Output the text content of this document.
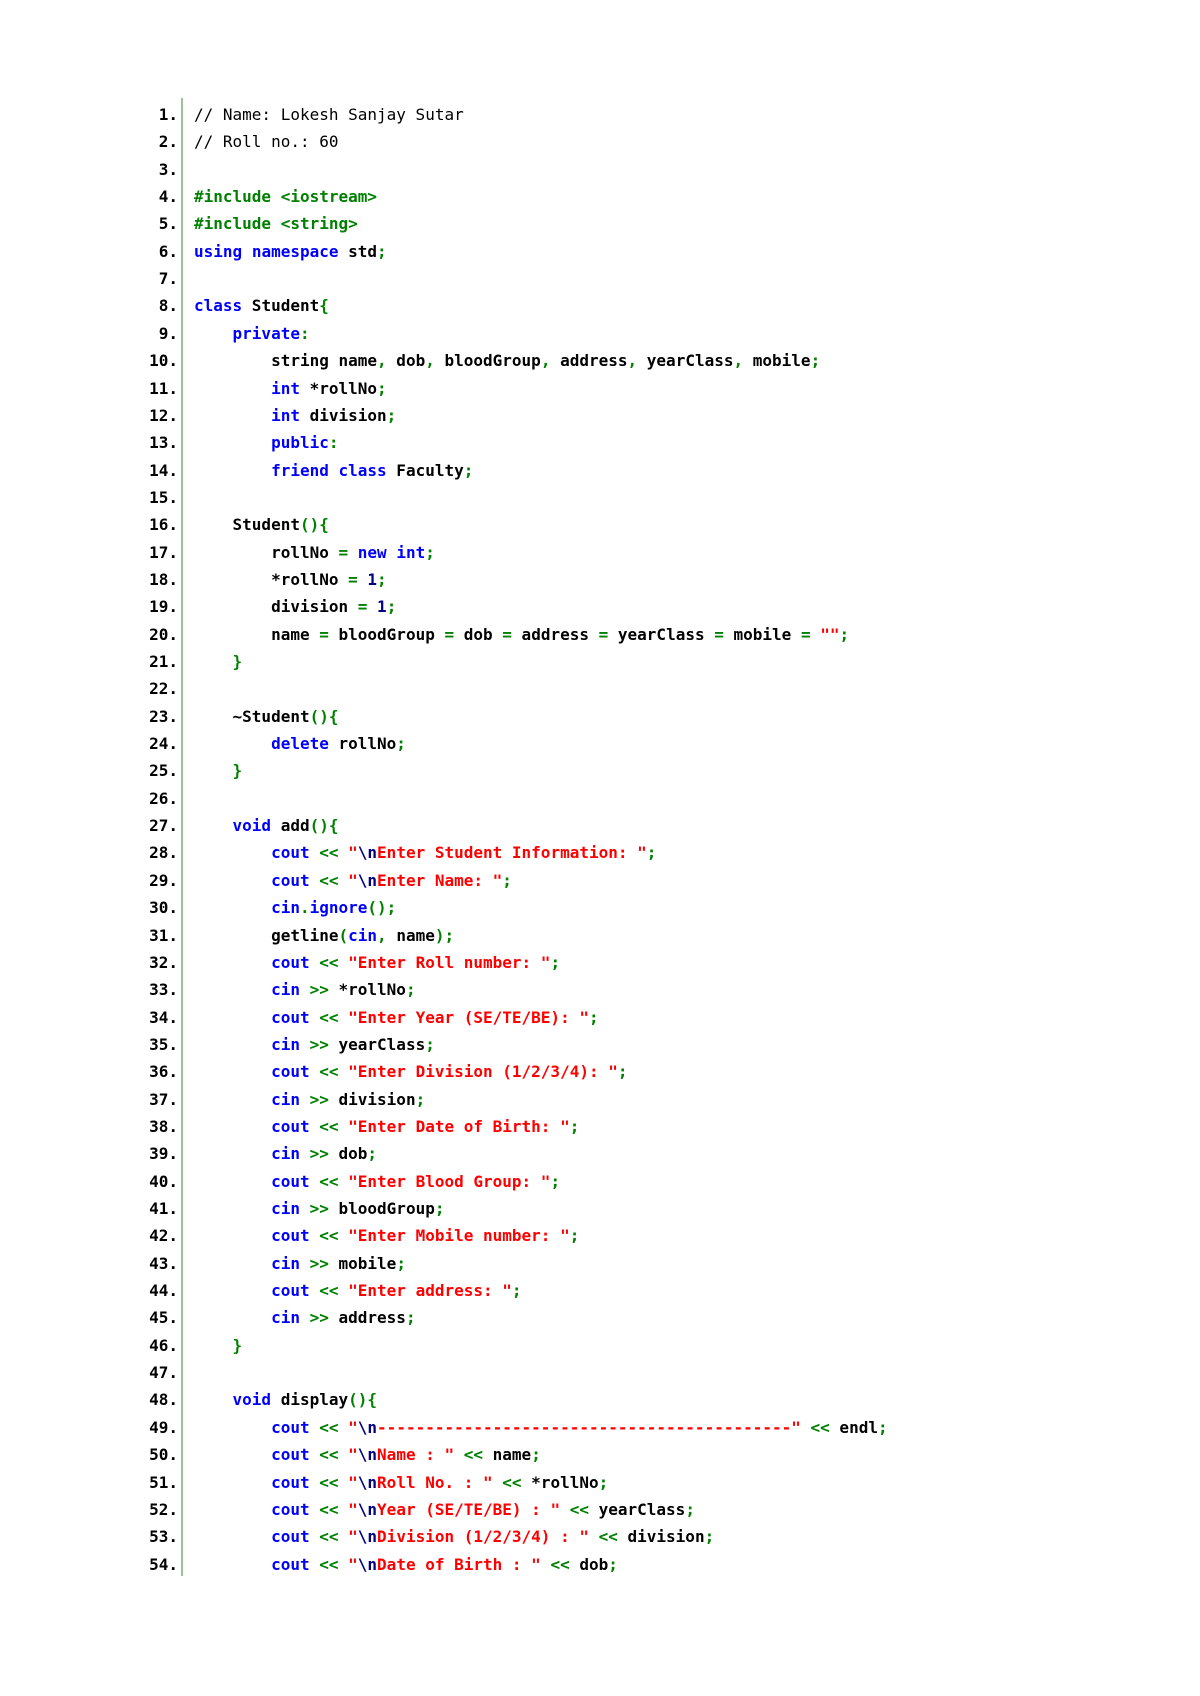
1. // Name: Lokesh Sanjay Sutar
2. // Roll no.: 60
3.
4. #include <iostream>
5. #include <string>
6. using namespace std;
7.
8. class Student{
9.	private:
10. string name, dob, bloodGroup, address, yearClass, mobile;
11.	int *rollNo;
12.	int division;
13.	public:
14.	friend class Faculty;
15.
16. Student(){
17. rollNo = new int;
18. *rollNo = 1;
19. division = 1;
20. name = bloodGroup = dob = address = yearClass = mobile = "";
21.	}
22.
23. ~Student(){
24.	delete rollNo;
25.	}
26.
27.	void add(){
28.	cout << "\nEnter Student Information: ";
29.	cout << "\nEnter Name: ";
30.	cin.ignore();
31. getline(cin, name);
32.	cout << "Enter Roll number: ";
33.	cin >> *rollNo;
34.	cout << "Enter Year (SE/TE/BE): ";
35.	cin >> yearClass;
36.	cout << "Enter Division (1/2/3/4): ";
37.	cin >> division;
38.	cout << "Enter Date of Birth: ";
39.	cin >> dob;
40.	cout << "Enter Blood Group: ";
41.	cin >> bloodGroup;
42.	cout << "Enter Mobile number: ";
43.	cin >> mobile;
44.	cout << "Enter address: ";
45.	cin >> address;
46.	}
47.
48.	void display(){
49.	cout << "\n-------------------------------------------" << endl;
50.	cout << "\nName : " << name;
51.	cout << "\nRoll No. : " << *rollNo;
52.	cout << "\nYear (SE/TE/BE) : " << yearClass;
53.	cout << "\nDivision (1/2/3/4) : " << division;
54.	cout << "\nDate of Birth : " << dob;
